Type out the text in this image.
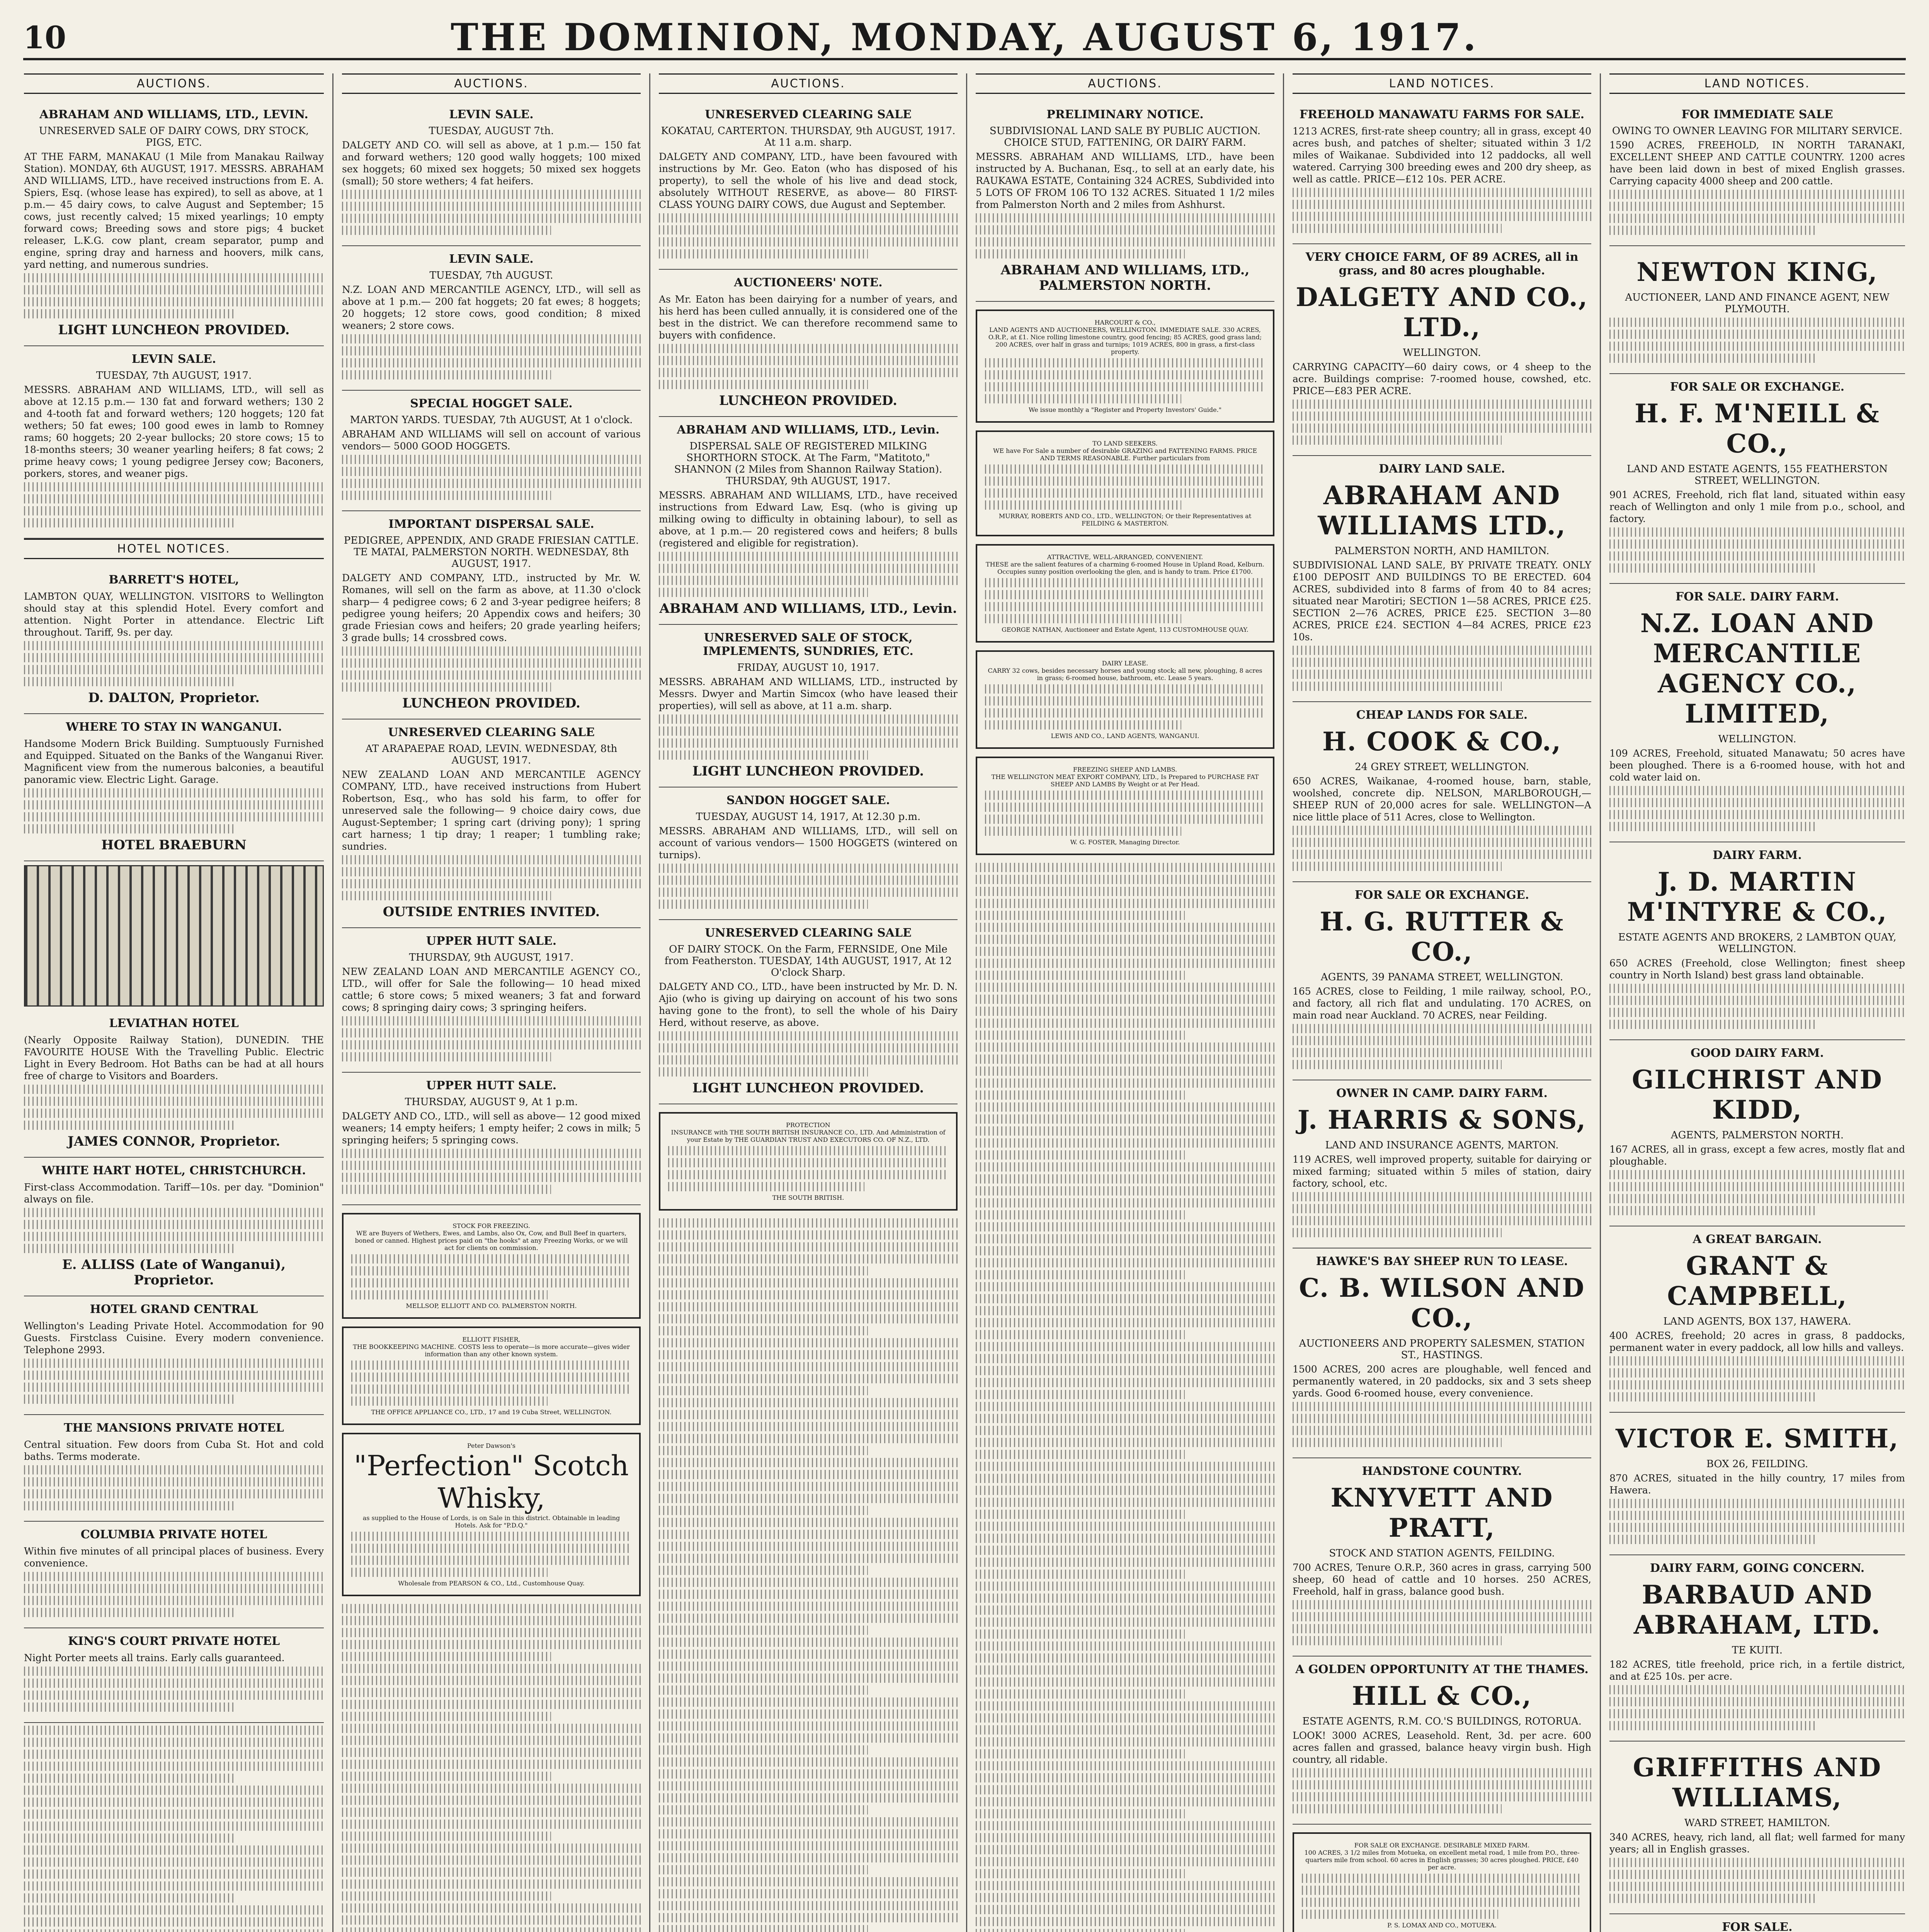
10	THE DOMINION, MONDAY, AUGUST 6, 1917.
AUCTIONS.
ABRAHAM AND WILLIAMS, LTD., LEVIN.
UNRESERVED SALE OF DAIRY COWS, DRY STOCK, PIGS, ETC.
AT THE FARM, MANAKAU (1 Mile from Manakau Railway Station). MONDAY, 6th AUGUST, 1917. MESSRS. ABRAHAM AND WILLIAMS, LTD., have received instructions from E. A. Spiers, Esq. (whose lease has expired), to sell as above, at 1 p.m.— 45 dairy cows, to calve August and September; 15 cows, just recently calved; 15 mixed yearlings; 10 empty forward cows; Breeding sows and store pigs; 4 bucket releaser, L.K.G. cow plant, cream separator, pump and engine, spring dray and harness and hoovers, milk cans, yard netting, and numerous sundries.
LIGHT LUNCHEON PROVIDED.
LEVIN SALE.
TUESDAY, 7th AUGUST, 1917.
MESSRS. ABRAHAM AND WILLIAMS, LTD., will sell as above at 12.15 p.m.— 130 fat and forward wethers; 130 2 and 4-tooth fat and forward wethers; 120 hoggets; 120 fat wethers; 50 fat ewes; 100 good ewes in lamb to Romney rams; 60 hoggets; 20 2-year bullocks; 20 store cows; 15 to 18-months steers; 30 weaner yearling heifers; 8 fat cows; 2 prime heavy cows; 1 young pedigree Jersey cow; Baconers, porkers, stores, and weaner pigs.
HOTEL NOTICES.
BARRETT'S HOTEL,
LAMBTON QUAY, WELLINGTON. VISITORS to Wellington should stay at this splendid Hotel. Every comfort and attention. Night Porter in attendance. Electric Lift throughout. Tariff, 9s. per day.
D. DALTON, Proprietor.
WHERE TO STAY IN WANGANUI.
Handsome Modern Brick Building. Sumptuously Furnished and Equipped. Situated on the Banks of the Wanganui River. Magnificent view from the numerous balconies, a beautiful panoramic view. Electric Light. Garage.
HOTEL BRAEBURN
LEVIATHAN HOTEL
(Nearly Opposite Railway Station), DUNEDIN. THE FAVOURITE HOUSE With the Travelling Public. Electric Light in Every Bedroom. Hot Baths can be had at all hours free of charge to Visitors and Boarders.
JAMES CONNOR, Proprietor.
WHITE HART HOTEL, CHRISTCHURCH.
First-class Accommodation. Tariff—10s. per day. "Dominion" always on file.
E. ALLISS (Late of Wanganui), Proprietor.
HOTEL GRAND CENTRAL
Wellington's Leading Private Hotel. Accommodation for 90 Guests. Firstclass Cuisine. Every modern convenience. Telephone 2993.
THE MANSIONS PRIVATE HOTEL
Central situation. Few doors from Cuba St. Hot and cold baths. Terms moderate.
COLUMBIA PRIVATE HOTEL
Within five minutes of all principal places of business. Every convenience.
KING'S COURT PRIVATE HOTEL
Night Porter meets all trains. Early calls guaranteed.
AUCTIONS.
LEVIN SALE.
TUESDAY, AUGUST 7th.
DALGETY AND CO. will sell as above, at 1 p.m.— 150 fat and forward wethers; 120 good wally hoggets; 100 mixed sex hoggets; 60 mixed sex hoggets; 50 mixed sex hoggets (small); 50 store wethers; 4 fat heifers.
LEVIN SALE.
TUESDAY, 7th AUGUST.
N.Z. LOAN AND MERCANTILE AGENCY, LTD., will sell as above at 1 p.m.— 200 fat hoggets; 20 fat ewes; 8 hoggets; 20 hoggets; 12 store cows, good condition; 8 mixed weaners; 2 store cows.
SPECIAL HOGGET SALE.
MARTON YARDS. TUESDAY, 7th AUGUST, At 1 o'clock.
ABRAHAM AND WILLIAMS will sell on account of various vendors— 5000 GOOD HOGGETS.
IMPORTANT DISPERSAL SALE.
PEDIGREE, APPENDIX, AND GRADE FRIESIAN CATTLE. TE MATAI, PALMERSTON NORTH. WEDNESDAY, 8th AUGUST, 1917.
DALGETY AND COMPANY, LTD., instructed by Mr. W. Romanes, will sell on the farm as above, at 11.30 o'clock sharp— 4 pedigree cows; 6 2 and 3-year pedigree heifers; 8 pedigree young heifers; 20 Appendix cows and heifers; 30 grade Friesian cows and heifers; 20 grade yearling heifers; 3 grade bulls; 14 crossbred cows.
LUNCHEON PROVIDED.
UNRESERVED CLEARING SALE
AT ARAPAEPAE ROAD, LEVIN. WEDNESDAY, 8th AUGUST, 1917.
NEW ZEALAND LOAN AND MERCANTILE AGENCY COMPANY, LTD., have received instructions from Hubert Robertson, Esq., who has sold his farm, to offer for unreserved sale the following— 9 choice dairy cows, due August-September; 1 spring cart (driving pony); 1 spring cart harness; 1 tip dray; 1 reaper; 1 tumbling rake; sundries.
OUTSIDE ENTRIES INVITED.
UPPER HUTT SALE.
THURSDAY, 9th AUGUST, 1917.
NEW ZEALAND LOAN AND MERCANTILE AGENCY CO., LTD., will offer for Sale the following— 10 head mixed cattle; 6 store cows; 5 mixed weaners; 3 fat and forward cows; 8 springing dairy cows; 3 springing heifers.
UPPER HUTT SALE.
THURSDAY, AUGUST 9, At 1 p.m.
DALGETY AND CO., LTD., will sell as above— 12 good mixed weaners; 14 empty heifers; 1 empty heifer; 2 cows in milk; 5 springing heifers; 5 springing cows.
STOCK FOR FREEZING.
WE are Buyers of Wethers, Ewes, and Lambs, also Ox, Cow, and Bull Beef in quarters, boned or canned. Highest prices paid on "the hooks" at any Freezing Works, or we will act for clients on commission.
MELLSOP, ELLIOTT AND CO. PALMERSTON NORTH.
ELLIOTT FISHER,
THE BOOKKEEPING MACHINE. COSTS less to operate—is more accurate—gives wider information than any other known system.
THE OFFICE APPLIANCE CO., LTD., 17 and 19 Cuba Street, WELLINGTON.
Peter Dawson's
"Perfection" Scotch Whisky,
as supplied to the House of Lords, is on Sale in this district. Obtainable in leading Hotels. Ask for "P.D.Q."
Wholesale from PEARSON & CO., Ltd., Customhouse Quay.
AUCTIONS.
UNRESERVED CLEARING SALE
KOKATAU, CARTERTON. THURSDAY, 9th AUGUST, 1917. At 11 a.m. sharp.
DALGETY AND COMPANY, LTD., have been favoured with instructions by Mr. Geo. Eaton (who has disposed of his property), to sell the whole of his live and dead stock, absolutely WITHOUT RESERVE, as above— 80 FIRST-CLASS YOUNG DAIRY COWS, due August and September.
AUCTIONEERS' NOTE.
As Mr. Eaton has been dairying for a number of years, and his herd has been culled annually, it is considered one of the best in the district. We can therefore recommend same to buyers with confidence.
LUNCHEON PROVIDED.
ABRAHAM AND WILLIAMS, LTD., Levin.
DISPERSAL SALE OF REGISTERED MILKING SHORTHORN STOCK. At The Farm, "Matitoto," SHANNON (2 Miles from Shannon Railway Station). THURSDAY, 9th AUGUST, 1917.
MESSRS. ABRAHAM AND WILLIAMS, LTD., have received instructions from Edward Law, Esq. (who is giving up milking owing to difficulty in obtaining labour), to sell as above, at 1 p.m.— 20 registered cows and heifers; 8 bulls (registered and eligible for registration).
ABRAHAM AND WILLIAMS, LTD., Levin.
UNRESERVED SALE OF STOCK, IMPLEMENTS, SUNDRIES, ETC.
FRIDAY, AUGUST 10, 1917.
MESSRS. ABRAHAM AND WILLIAMS, LTD., instructed by Messrs. Dwyer and Martin Simcox (who have leased their properties), will sell as above, at 11 a.m. sharp.
LIGHT LUNCHEON PROVIDED.
SANDON HOGGET SALE.
TUESDAY, AUGUST 14, 1917, At 12.30 p.m.
MESSRS. ABRAHAM AND WILLIAMS, LTD., will sell on account of various vendors— 1500 HOGGETS (wintered on turnips).
UNRESERVED CLEARING SALE
OF DAIRY STOCK. On the Farm, FERNSIDE, One Mile from Featherston. TUESDAY, 14th AUGUST, 1917, At 12 O'clock Sharp.
DALGETY AND CO., LTD., have been instructed by Mr. D. N. Ajio (who is giving up dairying on account of his two sons having gone to the front), to sell the whole of his Dairy Herd, without reserve, as above.
LIGHT LUNCHEON PROVIDED.
PROTECTION
INSURANCE with THE SOUTH BRITISH INSURANCE CO., LTD. And Administration of your Estate by THE GUARDIAN TRUST AND EXECUTORS CO. OF N.Z., LTD.
THE SOUTH BRITISH.
AUCTIONS.
PRELIMINARY NOTICE.
SUBDIVISIONAL LAND SALE BY PUBLIC AUCTION. CHOICE STUD, FATTENING, OR DAIRY FARM.
MESSRS. ABRAHAM AND WILLIAMS, LTD., have been instructed by A. Buchanan, Esq., to sell at an early date, his RAUKAWA ESTATE, Containing 324 ACRES, Subdivided into 5 LOTS OF FROM 106 TO 132 ACRES. Situated 1 1/2 miles from Palmerston North and 2 miles from Ashhurst.
ABRAHAM AND WILLIAMS, LTD., PALMERSTON NORTH.
HARCOURT & CO.,
LAND AGENTS AND AUCTIONEERS, WELLINGTON. IMMEDIATE SALE. 330 ACRES, O.R.P., at £1. Nice rolling limestone country, good fencing; 85 ACRES, good grass land; 200 ACRES, over half in grass and turnips; 1019 ACRES, 800 in grass, a first-class property.
We issue monthly a "Register and Property Investors' Guide."
TO LAND SEEKERS.
WE have For Sale a number of desirable GRAZING and FATTENING FARMS. PRICE AND TERMS REASONABLE. Further particulars from
MURRAY, ROBERTS AND CO., LTD., WELLINGTON; Or their Representatives at FEILDING & MASTERTON.
ATTRACTIVE, WELL-ARRANGED, CONVENIENT.
THESE are the salient features of a charming 6-roomed House in Upland Road, Kelburn. Occupies sunny position overlooking the glen, and is handy to tram. Price £1700.
GEORGE NATHAN, Auctioneer and Estate Agent, 113 CUSTOMHOUSE QUAY.
DAIRY LEASE.
CARRY 32 cows, besides necessary horses and young stock; all new, ploughing, 8 acres in grass; 6-roomed house, bathroom, etc. Lease 5 years.
LEWIS AND CO., LAND AGENTS, WANGANUI.
FREEZING SHEEP AND LAMBS.
THE WELLINGTON MEAT EXPORT COMPANY, LTD., Is Prepared to PURCHASE FAT SHEEP AND LAMBS By Weight or at Per Head.
W. G. FOSTER, Managing Director.
LAND NOTICES.
FREEHOLD MANAWATU FARMS FOR SALE.
1213 ACRES, first-rate sheep country; all in grass, except 40 acres bush, and patches of shelter; situated within 3 1/2 miles of Waikanae. Subdivided into 12 paddocks, all well watered. Carrying 300 breeding ewes and 200 dry sheep, as well as cattle. PRICE—£12 10s. PER ACRE.
VERY CHOICE FARM, OF 89 ACRES, all in grass, and 80 acres ploughable.
DALGETY AND CO., LTD.,
WELLINGTON.
CARRYING CAPACITY—60 dairy cows, or 4 sheep to the acre. Buildings comprise: 7-roomed house, cowshed, etc. PRICE—£83 PER ACRE.
DAIRY LAND SALE.
ABRAHAM AND WILLIAMS LTD.,
PALMERSTON NORTH, AND HAMILTON.
SUBDIVISIONAL LAND SALE, BY PRIVATE TREATY. ONLY £100 DEPOSIT AND BUILDINGS TO BE ERECTED. 604 ACRES, subdivided into 8 farms of from 40 to 84 acres; situated near Marotiri; SECTION 1—58 ACRES, PRICE £25. SECTION 2—76 ACRES, PRICE £25. SECTION 3—80 ACRES, PRICE £24. SECTION 4—84 ACRES, PRICE £23 10s.
CHEAP LANDS FOR SALE.
H. COOK & CO.,
24 GREY STREET, WELLINGTON.
650 ACRES, Waikanae, 4-roomed house, barn, stable, woolshed, concrete dip. NELSON, MARLBOROUGH,—SHEEP RUN of 20,000 acres for sale. WELLINGTON—A nice little place of 511 Acres, close to Wellington.
FOR SALE OR EXCHANGE.
H. G. RUTTER & CO.,
AGENTS, 39 PANAMA STREET, WELLINGTON.
165 ACRES, close to Feilding, 1 mile railway, school, P.O., and factory, all rich flat and undulating. 170 ACRES, on main road near Auckland. 70 ACRES, near Feilding.
OWNER IN CAMP. DAIRY FARM.
J. HARRIS & SONS,
LAND AND INSURANCE AGENTS, MARTON.
119 ACRES, well improved property, suitable for dairying or mixed farming; situated within 5 miles of station, dairy factory, school, etc.
HAWKE'S BAY SHEEP RUN TO LEASE.
C. B. WILSON AND CO.,
AUCTIONEERS AND PROPERTY SALESMEN, STATION ST., HASTINGS.
1500 ACRES, 200 acres are ploughable, well fenced and permanently watered, in 20 paddocks, six and 3 sets sheep yards. Good 6-roomed house, every convenience.
HANDSTONE COUNTRY.
KNYVETT AND PRATT,
STOCK AND STATION AGENTS, FEILDING.
700 ACRES, Tenure O.R.P., 360 acres in grass, carrying 500 sheep, 60 head of cattle and 10 horses. 250 ACRES, Freehold, half in grass, balance good bush.
A GOLDEN OPPORTUNITY AT THE THAMES.
HILL & CO.,
ESTATE AGENTS, R.M. CO.'S BUILDINGS, ROTORUA.
LOOK! 3000 ACRES, Leasehold. Rent, 3d. per acre. 600 acres fallen and grassed, balance heavy virgin bush. High country, all ridable.
FOR SALE OR EXCHANGE. DESIRABLE MIXED FARM.
100 ACRES, 3 1/2 miles from Motueka, on excellent metal road, 1 mile from P.O., three-quarters mile from school. 60 acres in English grasses; 30 acres ploughed. PRICE, £40 per acre.
P. S. LOMAX AND CO., MOTUEKA.
LAND NOTICES.
FOR IMMEDIATE SALE
OWING TO OWNER LEAVING FOR MILITARY SERVICE.
1590 ACRES, FREEHOLD, IN NORTH TARANAKI, EXCELLENT SHEEP AND CATTLE COUNTRY. 1200 acres have been laid down in best of mixed English grasses. Carrying capacity 4000 sheep and 200 cattle.
NEWTON KING,
AUCTIONEER, LAND AND FINANCE AGENT, NEW PLYMOUTH.
FOR SALE OR EXCHANGE.
H. F. M'NEILL & CO.,
LAND AND ESTATE AGENTS, 155 FEATHERSTON STREET, WELLINGTON.
901 ACRES, Freehold, rich flat land, situated within easy reach of Wellington and only 1 mile from p.o., school, and factory.
FOR SALE. DAIRY FARM.
N.Z. LOAN AND MERCANTILE AGENCY CO., LIMITED,
WELLINGTON.
109 ACRES, Freehold, situated Manawatu; 50 acres have been ploughed. There is a 6-roomed house, with hot and cold water laid on.
DAIRY FARM.
J. D. MARTIN M'INTYRE & CO.,
ESTATE AGENTS AND BROKERS, 2 LAMBTON QUAY, WELLINGTON.
650 ACRES (Freehold, close Wellington; finest sheep country in North Island) best grass land obtainable.
GOOD DAIRY FARM.
GILCHRIST AND KIDD,
AGENTS, PALMERSTON NORTH.
167 ACRES, all in grass, except a few acres, mostly flat and ploughable.
A GREAT BARGAIN.
GRANT & CAMPBELL,
LAND AGENTS, BOX 137, HAWERA.
400 ACRES, freehold; 20 acres in grass, 8 paddocks, permanent water in every paddock, all low hills and valleys.
VICTOR E. SMITH,
BOX 26, FEILDING.
870 ACRES, situated in the hilly country, 17 miles from Hawera.
DAIRY FARM, GOING CONCERN.
BARBAUD AND ABRAHAM, LTD.
TE KUITI.
182 ACRES, title freehold, price rich, in a fertile district, and at £25 10s. per acre.
GRIFFITHS AND WILLIAMS,
WARD STREET, HAMILTON.
340 ACRES, heavy, rich land, all flat; well farmed for many years; all in English grasses.
FOR SALE.
